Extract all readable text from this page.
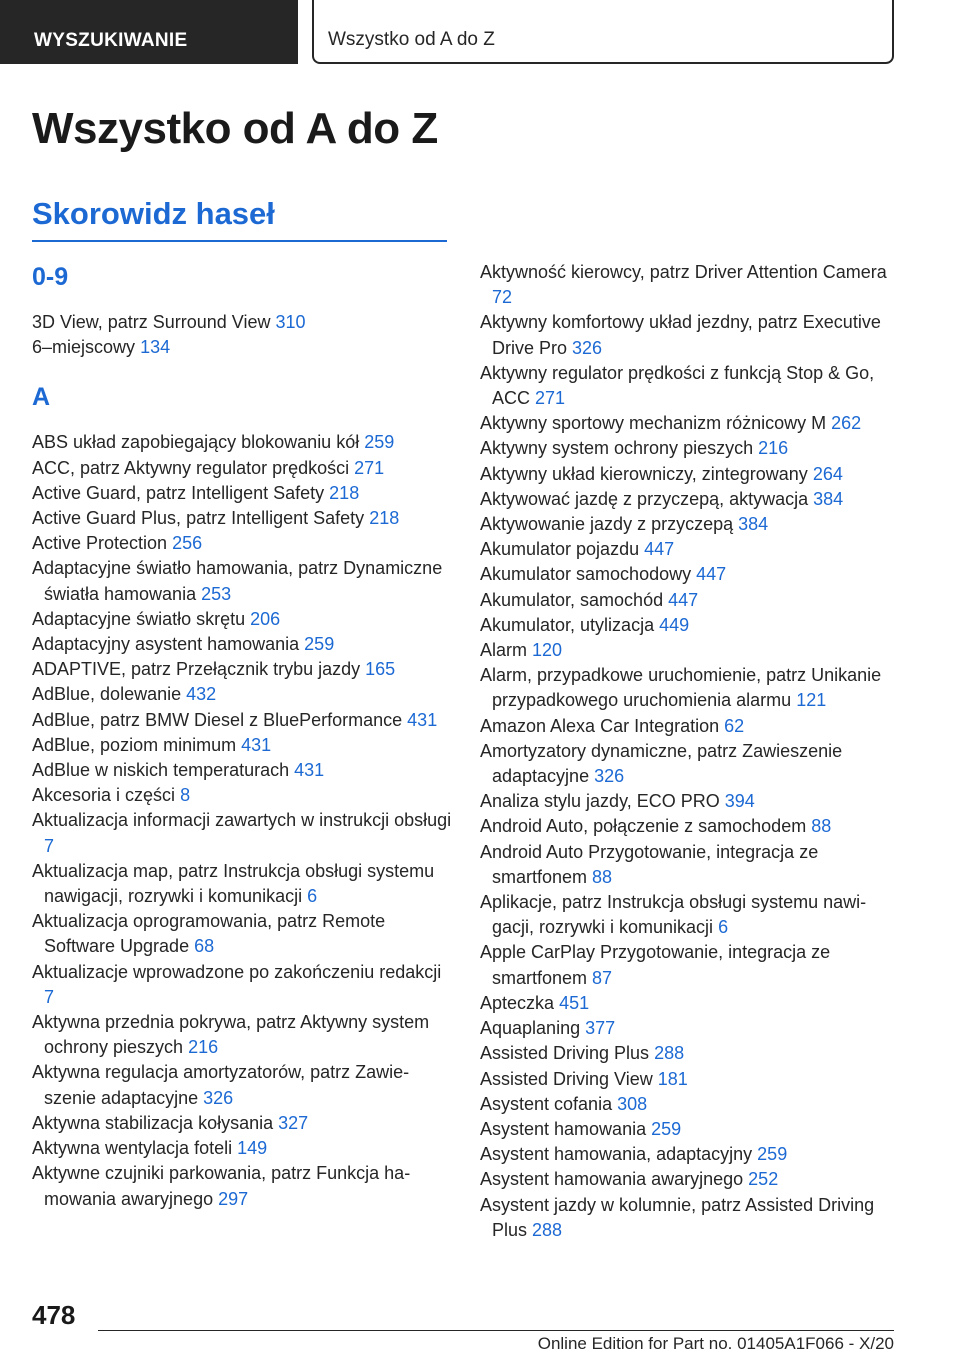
WYSZUKIWANIE	Wszystko od A do Z
Wszystko od A do Z
Skorowidz haseł
0-9
3D View, patrz Surround View 310
6–miejscowy 134
A
ABS układ zapobiegający blokowaniu kół 259
ACC, patrz Aktywny regulator prędkości 271
Active Guard, patrz Intelligent Safety 218
Active Guard Plus, patrz Intelligent Safety 218
Active Protection 256
Adaptacyjne światło hamowania, patrz Dynamiczne światła hamowania 253
Adaptacyjne światło skrętu 206
Adaptacyjny asystent hamowania 259
ADAPTIVE, patrz Przełącznik trybu jazdy 165
AdBlue, dolewanie 432
AdBlue, patrz BMW Diesel z BluePerformance 431
AdBlue, poziom minimum 431
AdBlue w niskich temperaturach 431
Akcesoria i części 8
Aktualizacja informacji zawartych w instrukcji obsługi 7
Aktualizacja map, patrz Instrukcja obsługi systemu nawigacji, rozrywki i komunikacji 6
Aktualizacja oprogramowania, patrz Remote Software Upgrade 68
Aktualizacje wprowadzone po zakończeniu redakcji 7
Aktywna przednia pokrywa, patrz Aktywny system ochrony pieszych 216
Aktywna regulacja amortyzatorów, patrz Zawieszenie adaptacyjne 326
Aktywna stabilizacja kołysania 327
Aktywna wentylacja foteli 149
Aktywne czujniki parkowania, patrz Funkcja hamowania awaryjnego 297
Aktywność kierowcy, patrz Driver Attention Camera 72
Aktywny komfortowy układ jezdny, patrz Executive Drive Pro 326
Aktywny regulator prędkości z funkcją Stop & Go, ACC 271
Aktywny sportowy mechanizm różnicowy M 262
Aktywny system ochrony pieszych 216
Aktywny układ kierowniczy, zintegrowany 264
Aktywować jazdę z przyczepą, aktywacja 384
Aktywowanie jazdy z przyczepą 384
Akumulator pojazdu 447
Akumulator samochodowy 447
Akumulator, samochód 447
Akumulator, utylizacja 449
Alarm 120
Alarm, przypadkowe uruchomienie, patrz Unikanie przypadkowego uruchomienia alarmu 121
Amazon Alexa Car Integration 62
Amortyzatory dynamiczne, patrz Zawieszenie adaptacyjne 326
Analiza stylu jazdy, ECO PRO 394
Android Auto, połączenie z samochodem 88
Android Auto Przygotowanie, integracja ze smartfonem 88
Aplikacje, patrz Instrukcja obsługi systemu nawigacji, rozrywki i komunikacji 6
Apple CarPlay Przygotowanie, integracja ze smartfonem 87
Apteczka 451
Aquaplaning 377
Assisted Driving Plus 288
Assisted Driving View 181
Asystent cofania 308
Asystent hamowania 259
Asystent hamowania, adaptacyjny 259
Asystent hamowania awaryjnego 252
Asystent jazdy w kolumnie, patrz Assisted Driving Plus 288
478
Online Edition for Part no. 01405A1F066 - X/20
